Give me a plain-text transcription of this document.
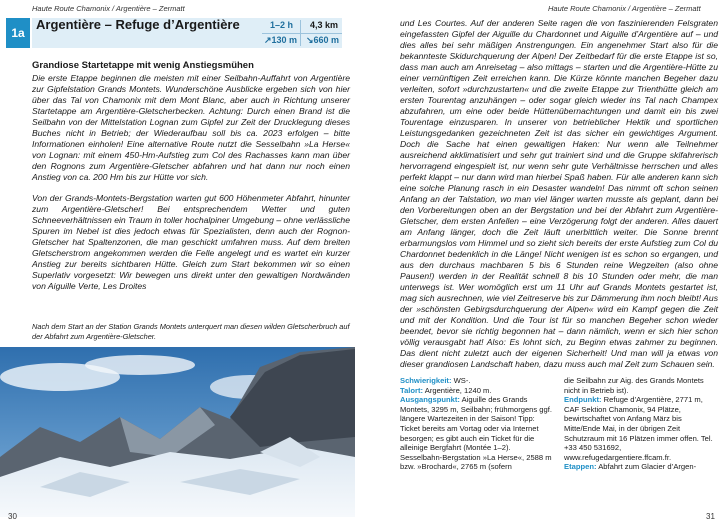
Haute Route Chamonix / Argentière – Zermatt
1a
Argentière – Refuge d’Argentière	1–2 h 4,3 km
↗130 m ↘660 m
Grandiose Startetappe mit wenig Anstiegsmühen

Die erste Etappe beginnen die meisten mit einer Seilbahn-Auffahrt von Argentière zur Gipfelstation Grands Montets. Wunderschöne Ausblicke ergeben sich von hier über das Tal von Chamonix mit dem Mont Blanc, aber auch in Richtung unserer Startetappe am Argentière-Gletscherbecken. Achtung: Durch einen Brand ist die Seilbahn von der Mittelstation Lognan zum Gipfel zur Zeit der Drucklegung dieses Buches nicht in Betrieb; der Wiederaufbau soll bis ca. 2023 erfolgen – bitte Informationen einholen! Eine alternative Route nutzt die Sesselbahn »La Herse« von Lognan: mit einem 450-Hm-Aufstieg zum Col des Rachasses kann man über den Rognons zum Argentière-Gletscher abfahren und hat dann nur noch einen Anstieg von ca. 200 Hm bis zur Hütte vor sich.

Von der Grands-Montets-Bergstation warten gut 600 Höhenmeter Abfahrt, hinunter zum Argentière-Gletscher! Bei entsprechendem Wetter und guten Schneeverhältnissen ein Traum in toller hochalpiner Umgebung – ohne verlässliche Spuren im Nebel ist dies jedoch etwas für Spezialisten, denn auch der Rognon-Gletscher hat Spaltenzonen, die man geschickt umfahren muss. Auf dem breiten Gletscherstrom angekommen werden die Felle angelegt und es wartet ein kurzer Anstieg zur bereits sichtbaren Hütte. Gleich zum Start bekommen wir so einen Superlativ vorgesetzt: Wir bewegen uns direkt unter den gewaltigen Nordwänden von Aiguille Verte, Les Droites

Nach dem Start an der Station Grands Montets unterquert man diesen wilden Gletscherbruch auf der Abfahrt zum Argentière-Gletscher.

30
Haute Route Chamonix / Argentière – Zermatt

und Les Courtes. Auf der anderen Seite ragen die von faszinierenden Felsgraten eingefassten Gipfel der Aiguille du Chardonnet und Aiguille d’Argentière auf – und dies alles bei sehr mäßigen Anstrengungen. Ein angenehmer Start also für die bekannteste Skidurchquerung der Alpen! Der Zeitbedarf für die erste Etappe ist so, dass man auch am Anreisetag – also mittags – starten und die Argentière-Hütte zu einer vernünftigen Zeit erreichen kann. Die Kürze könnte manchen Begeher dazu verleiten, sofort »durchzustarten« und die zweite Etappe zur Trienthütte gleich am ersten Tourentag anzuhängen – oder sogar gleich wieder ins Tal nach Champex abzufahren, um eine oder beide Hüttenübernachtungen und damit ein bis zwei Tourentage einzusparen. In unserer von betrieblicher Hektik und sportlichen Leistungsgedanken gezeichneten Zeit ist das sicher ein gewichtiges Argument. Doch die Sache hat einen gewaltigen Haken: Nur wenn alle Teilnehmer ausreichend akklimatisiert und sehr gut trainiert sind und die Gruppe skifahrerisch hervorragend eingespielt ist, nur wenn sehr gute Verhältnisse herrschen und alles perfekt klappt – nur dann wird man hierbei Spaß haben. Für alle anderen kann sich eine solche Planung rasch in ein Desaster wandeln! Das nimmt oft schon seinen Anfang an der Talstation, wo man viel länger warten musste als geplant, dann bei den Vorbereitungen oben an der Bergstation und bei der Abfahrt zum Argentière-Gletscher, dem ersten Anfellen – eine Verzögerung folgt der anderen. Alles dauert am Anfang länger, doch die Zeit läuft unerbittlich weiter. Die Sonne brennt erbarmungslos vom Himmel und so zieht sich bereits der erste Aufstieg zum Col du Chardonnet bedenklich in die Länge! Nicht wenigen ist es schon so ergangen, und aus den durchaus machbaren 5 bis 6 Stunden reine Wegzeiten (also ohne Pausen!) werden in der Realität schnell 8 bis 10 Stunden oder mehr, die man unterwegs ist. Wer womöglich erst um 11 Uhr auf Grands Montets gestartet ist, mag sich ausrechnen, wie viel Zeitreserve bis zur Dämmerung ihm noch bleibt! Aus der »schönsten Gebirgsdurchquerung der Alpen« wird ein Kampf gegen die Zeit und mit der Kondition. Und die Tour ist für so manchen Begeher schon wieder beendet, bevor sie richtig begonnen hat – dann nämlich, wenn er sich hier schon völlig verausgabt hat! Also: Es lohnt sich, zu Beginn etwas zahmer zu beginnen. Das dient nicht zuletzt auch der eigenen Sicherheit! Und man will ja etwas von dieser grandiosen Landschaft haben, dazu muss auch mal Zeit zum Schauen sein.

Schwierigkeit: WS-.

Talort: Argentière, 1240 m.

Ausgangspunkt: Aiguille des Grands Montets, 3295 m, Seilbahn; frühmorgens ggf. längere Wartezeiten in der Saison! Tipp: Ticket bereits am Vortag oder via Internet besorgen; es gibt auch ein Ticket für die alleinige Bergfahrt (Montée 1–2). Sesselbahn-Bergstation »La Herse«, 2588 m bzw. »Brochard«, 2765 m (sofern

die Seilbahn zur Aig. des Grands Montets nicht in Betrieb ist).

Endpunkt: Refuge d’Argentière, 2771 m, CAF Sektion Chamonix, 94 Plätze, bewirtschaftet von Anfang März bis Mitte/Ende Mai, in der übrigen Zeit Schutzraum mit 16 Plätzen immer offen. Tel. +33 450 531692, www.refugedargentiere.ffcam.fr.

Etappen: Abfahrt zum Glacier d’Argen-

31
